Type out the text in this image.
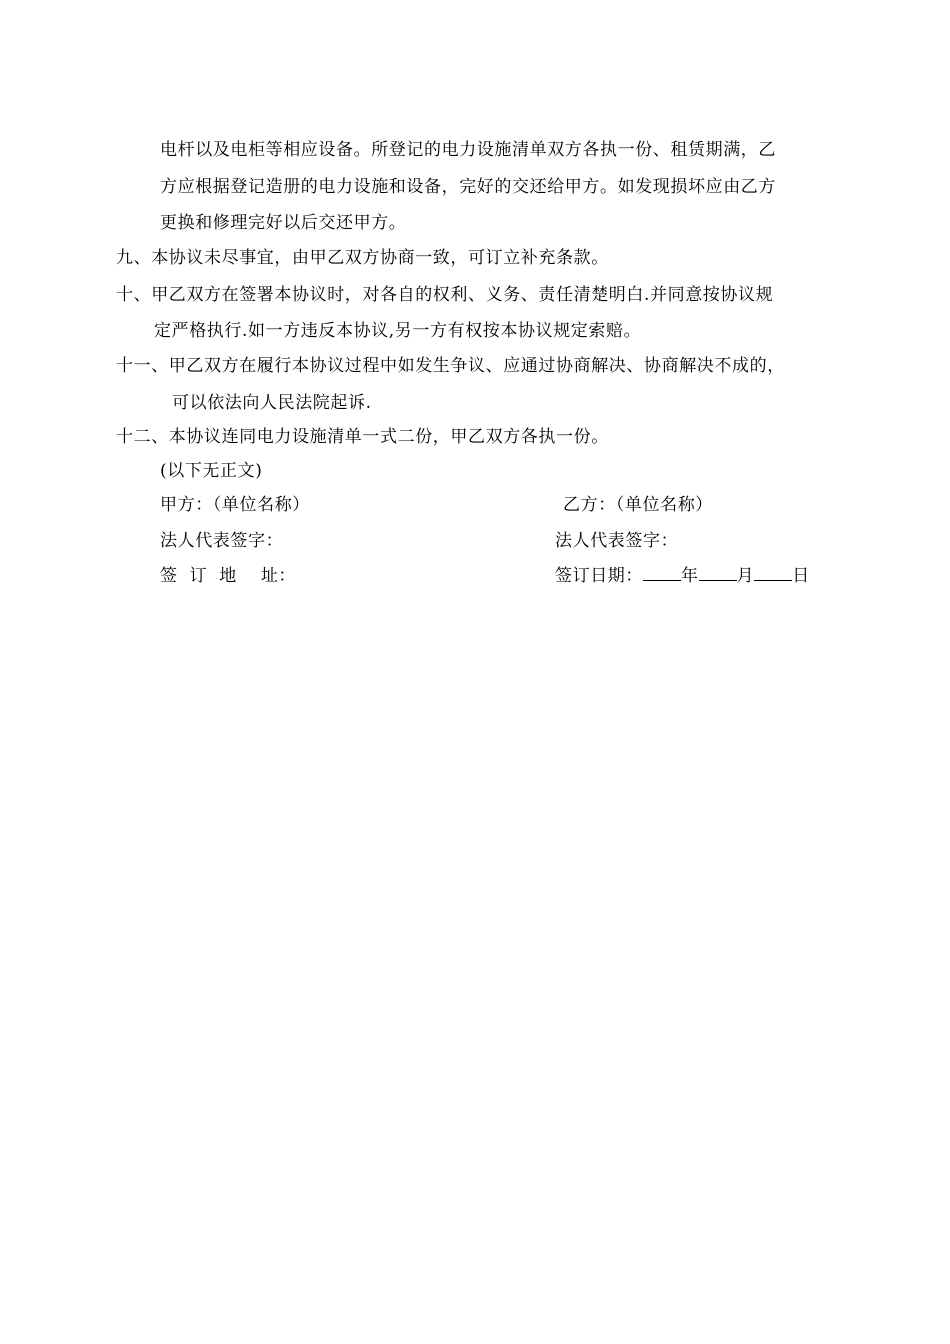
电杆以及电柜等相应设备。所登记的电力设施清单双方各执一份、租赁期满，乙
方应根据登记造册的电力设施和设备，完好的交还给甲方。如发现损坏应由乙方
更换和修理完好以后交还甲方。
九、本协议未尽事宜，由甲乙双方协商一致，可订立补充条款。
十、甲乙双方在签署本协议时，对各自的权利、义务、责任清楚明白.并同意按协议规
定严格执行.如一方违反本协议,另一方有权按本协议规定索赔。
十一、甲乙双方在履行本协议过程中如发生争议、应通过协商解决、协商解决不成的，
可以依法向人民法院起诉.
十二、本协议连同电力设施清单一式二份，甲乙双方各执一份。
(以下无正文)
甲方：（单位名称）	乙方：（单位名称）
法人代表签字：	法人代表签字：
签  订  地    址：	签订日期： 年 月 日
